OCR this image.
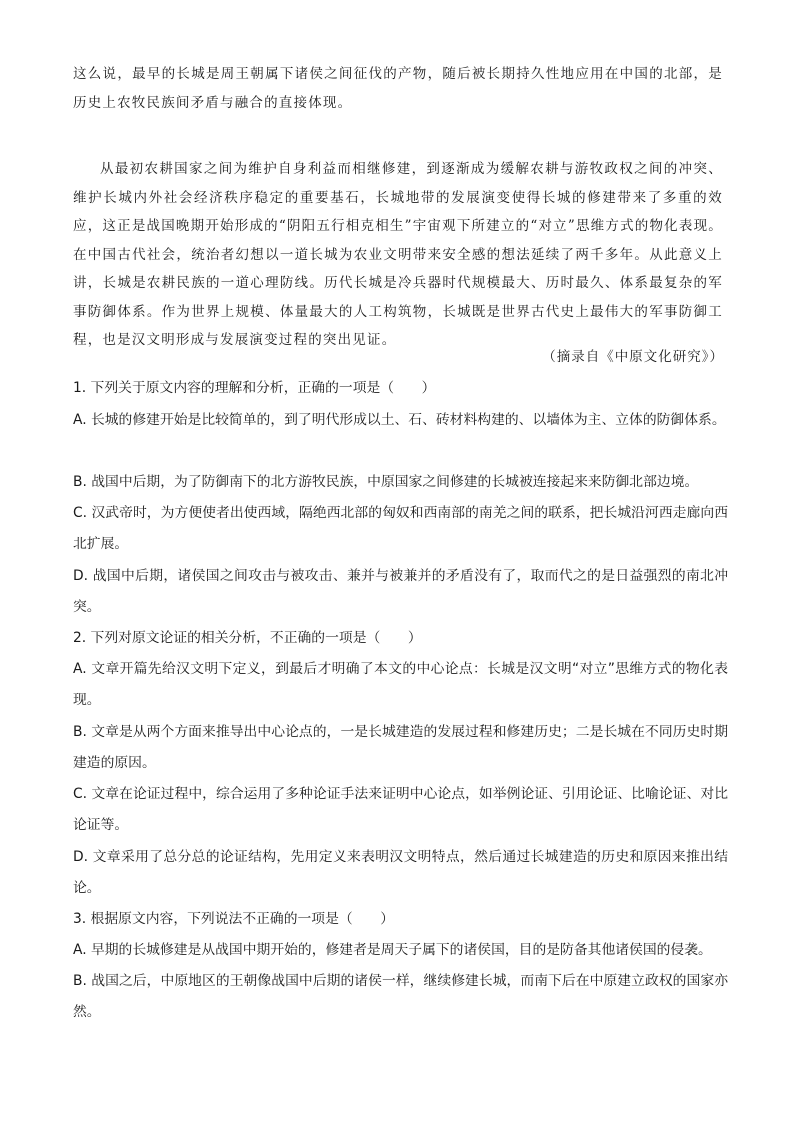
这么说，最早的长城是周王朝属下诸侯之间征伐的产物，随后被长期持久性地应用在中国的北部，是历史上农牧民族间矛盾与融合的直接体现。

从最初农耕国家之间为维护自身利益而相继修建，到逐渐成为缓解农耕与游牧政权之间的冲突、维护长城内外社会经济秩序稳定的重要基石，长城地带的发展演变使得长城的修建带来了多重的效应，这正是战国晚期开始形成的“阴阳五行相克相生”宇宙观下所建立的“对立”思维方式的物化表现。在中国古代社会，统治者幻想以一道长城为农业文明带来安全感的想法延续了两千多年。从此意义上讲，长城是农耕民族的一道心理防线。历代长城是冷兵器时代规模最大、历时最久、体系最复杂的军事防御体系。作为世界上规模、体量最大的人工构筑物，长城既是世界古代史上最伟大的军事防御工程，也是汉文明形成与发展演变过程的突出见证。

（摘录自《中原文化研究》）

1. 下列关于原文内容的理解和分析，正确的一项是（　　）

A. 长城的修建开始是比较简单的，到了明代形成以土、石、砖材料构建的、以墙体为主、立体的防御体系。

B. 战国中后期，为了防御南下的北方游牧民族，中原国家之间修建的长城被连接起来来防御北部边境。

C. 汉武帝时，为方便使者出使西域，隔绝西北部的匈奴和西南部的南羌之间的联系，把长城沿河西走廊向西北扩展。

D. 战国中后期，诸侯国之间攻击与被攻击、兼并与被兼并的矛盾没有了，取而代之的是日益强烈的南北冲突。

2. 下列对原文论证的相关分析，不正确的一项是（　　）

A. 文章开篇先给汉文明下定义，到最后才明确了本文的中心论点：长城是汉文明“对立”思维方式的物化表现。

B. 文章是从两个方面来推导出中心论点的，一是长城建造的发展过程和修建历史；二是长城在不同历史时期建造的原因。

C. 文章在论证过程中，综合运用了多种论证手法来证明中心论点，如举例论证、引用论证、比喻论证、对比论证等。

D. 文章采用了总分总的论证结构，先用定义来表明汉文明特点，然后通过长城建造的历史和原因来推出结论。

3. 根据原文内容，下列说法不正确的一项是（　　）

A. 早期的长城修建是从战国中期开始的，修建者是周天子属下的诸侯国，目的是防备其他诸侯国的侵袭。

B. 战国之后，中原地区的王朝像战国中后期的诸侯一样，继续修建长城，而南下后在中原建立政权的国家亦然。
